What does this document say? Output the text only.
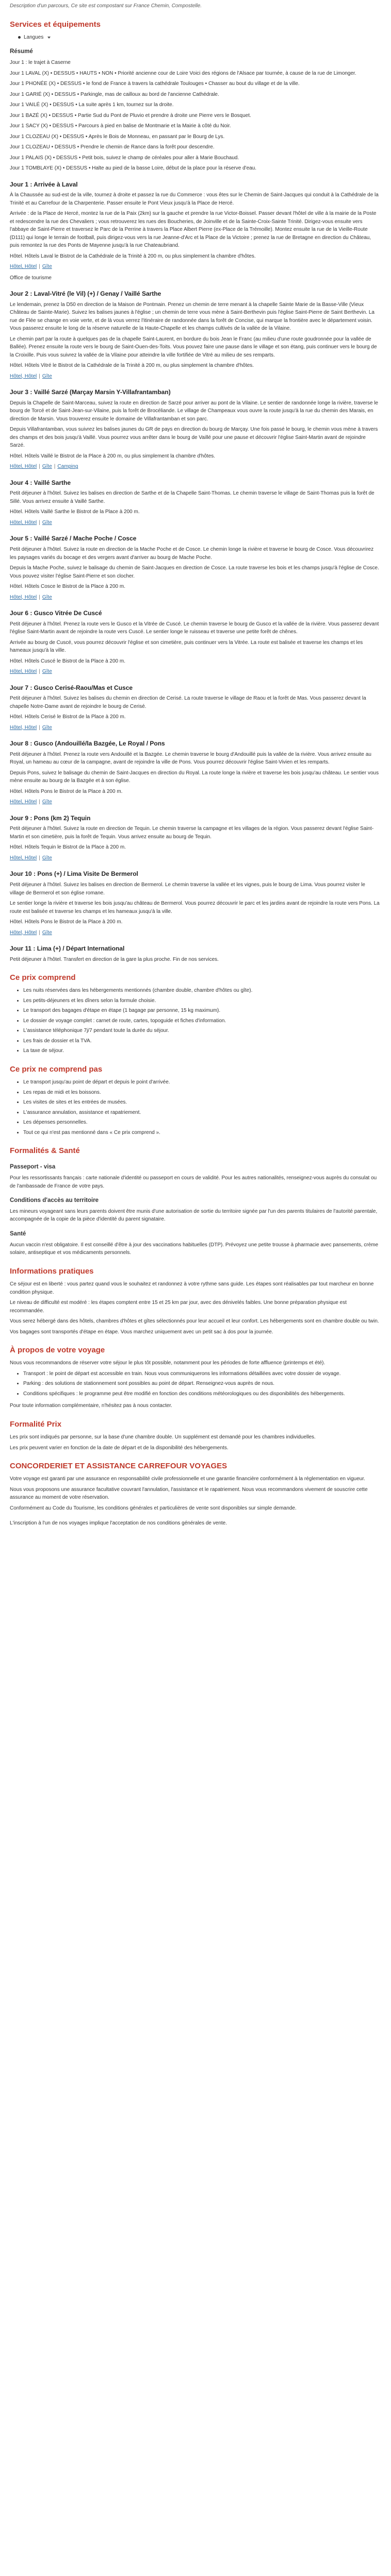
Description d'un parcours, Ce site est compostant sur France Chemin, Compostelle.

Services et équipements
Langues
Résumé

Jour 1 : le trajet à Caserne

Jour 1 LAVAL (X) • DESSUS • HAUTS • NON • Priorité ancienne cour de Loire Voici des régions de l'Alsace par tournée, à cause de la rue de Limonger.

Jour 1 PHONÉE (X) • DESSUS • le fond de France à travers la cathédrale Toulouges • Chasser au bout du village et de la ville.

Jour 1 GARIÉ (X) • DESSUS • Parkingle, mas de cailloux au bord de l'ancienne Cathédrale.

Jour 1 VAILÉ (X) • DESSUS • La suite après 1 km, tournez sur la droite.

Jour 1 BAZÉ (X) • DESSUS • Partie Sud du Pont de Pluvio et prendre à droite une Pierre vers le Bosquet.

Jour 1 SACY (X) • DESSUS • Parcours à pied en balise de Montmarie et la Mairie à côté du Noir.

Jour 1 CLOZEAU (X) • DESSUS • Après le Bois de Monneau, en passant par le Bourg de Lys.

Jour 1 CLOZEAU • DESSUS • Prendre le chemin de Rance dans la forêt pour descendre.

Jour 1 PALAIS (X) • DESSUS • Petit bois, suivez le champ de céréales pour aller à Marie Bouchaud.

Jour 1 TOMBLAYE (X) • DESSUS • Halte au pied de la basse Loire, début de la place pour la réserve d'eau.

Jour 1 : Arrivée à Laval

À la Chaussée au sud-est de la ville, tournez à droite et passez la rue du Commerce : vous êtes sur le Chemin de Saint-Jacques qui conduit à la Cathédrale de la Trinité et au Carrefour de la Charpenterie. Passer ensuite le Pont Vieux jusqu'à la Place de Hercé.

Arrivée : de la Place de Hercé, montez la rue de la Paix (2km) sur la gauche et prendre la rue Victor-Boissel. Passer devant l'hôtel de ville à la mairie de la Poste et redescendre la rue des Chevaliers ; vous retrouverez les rues des Boucheries, de Joinville et de la Sainte-Croix-Sainte Trinité. Dirigez-vous ensuite vers l'abbaye de Saint-Pierre et traversez le Parc de la Perrine à travers la Place Albert Pierre (ex-Place de la Trémoille). Montez ensuite la rue de la Vieille-Route (D111) qui longe le terrain de football, puis dirigez-vous vers la rue Jeanne-d'Arc et la Place de la Victoire ; prenez la rue de Bretagne en direction du Château, puis remontez la rue des Ponts de Mayenne jusqu'à la rue Chateaubriand.

Hôtel. Hôtels Laval le Bistrot de la Cathédrale de la Trinité à 200 m, ou plus simplement la chambre d'hôtes.

Hôtel, Hôtel | Gîte

Office de tourisme

Jour 2 : Laval-Vitré (le Vil) (+) / Genay / Vaillé Sarthe

Le lendemain, prenez la D50 en direction de la Maison de Pontmain. Prenez un chemin de terre menant à la chapelle Sainte Marie de la Basse-Ville (Vieux Château de Sainte-Marie). Suivez les balises jaunes à l'église ; un chemin de terre vous mène à Saint-Berthevin puis l'église Saint-Pierre de Saint Berthevin. La rue de Flée se change en voie verte, et de là vous verrez l'itinéraire de randonnée dans la forêt de Concise, qui marque la frontière avec le département voisin. Vous passerez ensuite le long de la réserve naturelle de la Haute-Chapelle et les champs cultivés de la vallée de la Vilaine.

Le chemin part par la route à quelques pas de la chapelle Saint-Laurent, en bordure du bois Jean le Franc (au milieu d'une route goudronnée pour la vallée de Ballée). Prenez ensuite la route vers le bourg de Saint-Ouen-des-Toits. Vous pouvez faire une pause dans le village et son étang, puis continuer vers le bourg de la Croixille. Puis vous suivrez la vallée de la Vilaine pour atteindre la ville fortifiée de Vitré au milieu de ses remparts.

Hôtel. Hôtels Vitré le Bistrot de la Cathédrale de la Trinité à 200 m, ou plus simplement la chambre d'hôtes.

Hôtel, Hôtel | Gîte

Jour 3 : Vaillé Sarzé (Marçay Marsin Y-Villafrantamban)

Depuis la Chapelle de Saint-Marceau, suivez la route en direction de Sarzé pour arriver au pont de la Vilaine. Le sentier de randonnée longe la rivière, traverse le bourg de Torcé et de Saint-Jean-sur-Vilaine, puis la forêt de Brocéliande. Le village de Champeaux vous ouvre la route jusqu'à la rue du chemin des Marais, en direction de Marsin. Vous trouverez ensuite le domaine de Villafrantamban et son parc.

Depuis Villafrantamban, vous suivrez les balises jaunes du GR de pays en direction du bourg de Marçay. Une fois passé le bourg, le chemin vous mène à travers des champs et des bois jusqu'à Vaillé. Vous pourrez vous arrêter dans le bourg de Vaillé pour une pause et découvrir l'église Saint-Martin avant de rejoindre Sarzé.

Hôtel. Hôtels Vaillé le Bistrot de la Place à 200 m, ou plus simplement la chambre d'hôtes.

Hôtel, Hôtel | Gîte | Camping

Jour 4 : Vaillé Sarthe

Petit déjeuner à l'hôtel. Suivez les balises en direction de Sarthe et de la Chapelle Saint-Thomas. Le chemin traverse le village de Saint-Thomas puis la forêt de Sillé. Vous arrivez ensuite à Vaillé Sarthe.

Hôtel. Hôtels Vaillé Sarthe le Bistrot de la Place à 200 m.

Hôtel, Hôtel | Gîte

Jour 5 : Vaillé Sarzé / Mache Poche / Cosce

Petit déjeuner à l'hôtel. Suivez la route en direction de la Mache Poche et de Cosce. Le chemin longe la rivière et traverse le bourg de Cosce. Vous découvrirez les paysages variés du bocage et des vergers avant d'arriver au bourg de Mache Poche.

Depuis la Mache Poche, suivez le balisage du chemin de Saint-Jacques en direction de Cosce. La route traverse les bois et les champs jusqu'à l'église de Cosce. Vous pouvez visiter l'église Saint-Pierre et son clocher.

Hôtel. Hôtels Cosce le Bistrot de la Place à 200 m.

Hôtel, Hôtel | Gîte

Jour 6 : Gusco Vitrée De Cuscé

Petit déjeuner à l'hôtel. Prenez la route vers le Gusco et la Vitrée de Cuscé. Le chemin traverse le bourg de Gusco et la vallée de la rivière. Vous passerez devant l'église Saint-Martin avant de rejoindre la route vers Cuscé. Le sentier longe le ruisseau et traverse une petite forêt de chênes.

Arrivée au bourg de Cuscé, vous pourrez découvrir l'église et son cimetière, puis continuer vers la Vitrée. La route est balisée et traverse les champs et les hameaux jusqu'à la ville.

Hôtel. Hôtels Cuscé le Bistrot de la Place à 200 m.

Hôtel, Hôtel | Gîte

Jour 7 : Gusco Cerisé-Raou/Mas et Cusce

Petit déjeuner à l'hôtel. Suivez les balises du chemin en direction de Cerisé. La route traverse le village de Raou et la forêt de Mas. Vous passerez devant la chapelle Notre-Dame avant de rejoindre le bourg de Cerisé.

Hôtel. Hôtels Cerisé le Bistrot de la Place à 200 m.

Hôtel, Hôtel | Gîte

Jour 8 : Gusco (Andouillé/la Bazgée, Le Royal / Pons

Petit déjeuner à l'hôtel. Prenez la route vers Andouillé et la Bazgée. Le chemin traverse le bourg d'Andouillé puis la vallée de la rivière. Vous arrivez ensuite au Royal, un hameau au cœur de la campagne, avant de rejoindre la ville de Pons. Vous pourrez découvrir l'église Saint-Vivien et les remparts.

Depuis Pons, suivez le balisage du chemin de Saint-Jacques en direction du Royal. La route longe la rivière et traverse les bois jusqu'au château. Le sentier vous mène ensuite au bourg de la Bazgée et à son église.

Hôtel. Hôtels Pons le Bistrot de la Place à 200 m.

Hôtel, Hôtel | Gîte

Jour 9 : Pons (km 2) Tequin

Petit déjeuner à l'hôtel. Suivez la route en direction de Tequin. Le chemin traverse la campagne et les villages de la région. Vous passerez devant l'église Saint-Martin et son cimetière, puis la forêt de Tequin. Vous arrivez ensuite au bourg de Tequin.

Hôtel. Hôtels Tequin le Bistrot de la Place à 200 m.

Hôtel, Hôtel | Gîte

Jour 10 : Pons (+) / Lima Visite De Bermerol

Petit déjeuner à l'hôtel. Suivez les balises en direction de Bermerol. Le chemin traverse la vallée et les vignes, puis le bourg de Lima. Vous pourrez visiter le village de Bermerol et son église romane.

Le sentier longe la rivière et traverse les bois jusqu'au château de Bermerol. Vous pourrez découvrir le parc et les jardins avant de rejoindre la route vers Pons. La route est balisée et traverse les champs et les hameaux jusqu'à la ville.

Hôtel. Hôtels Pons le Bistrot de la Place à 200 m.

Hôtel, Hôtel | Gîte

Jour 11 : Lima (+) / Départ International

Petit déjeuner à l'hôtel. Transfert en direction de la gare la plus proche. Fin de nos services.

Ce prix comprend
• Les nuits réservées dans les hébergements mentionnés (chambre double, chambre d'hôtes ou gîte).
• Les petits-déjeuners et les dîners selon la formule choisie.
• Le transport des bagages d'étape en étape (1 bagage par personne, 15 kg maximum).
• Le dossier de voyage complet : carnet de route, cartes, topoguide et fiches d'information.
• L'assistance téléphonique 7j/7 pendant toute la durée du séjour.
• Les frais de dossier et la TVA.
• La taxe de séjour.
Ce prix ne comprend pas
• Le transport jusqu'au point de départ et depuis le point d'arrivée.
• Les repas de midi et les boissons.
• Les visites de sites et les entrées de musées.
• L'assurance annulation, assistance et rapatriement.
• Les dépenses personnelles.
• Tout ce qui n'est pas mentionné dans « Ce prix comprend ».
Formalités & Santé
Passeport - visa

Pour les ressortissants français : carte nationale d'identité ou passeport en cours de validité. Pour les autres nationalités, renseignez-vous auprès du consulat ou de l'ambassade de France de votre pays.

Conditions d'accès au territoire

Les mineurs voyageant sans leurs parents doivent être munis d'une autorisation de sortie du territoire signée par l'un des parents titulaires de l'autorité parentale, accompagnée de la copie de la pièce d'identité du parent signataire.

Santé

Aucun vaccin n'est obligatoire. Il est conseillé d'être à jour des vaccinations habituelles (DTP). Prévoyez une petite trousse à pharmacie avec pansements, crème solaire, antiseptique et vos médicaments personnels.

Informations pratiques

Ce séjour est en liberté : vous partez quand vous le souhaitez et randonnez à votre rythme sans guide. Les étapes sont réalisables par tout marcheur en bonne condition physique.

Le niveau de difficulté est modéré : les étapes comptent entre 15 et 25 km par jour, avec des dénivelés faibles. Une bonne préparation physique est recommandée.

Vous serez hébergé dans des hôtels, chambres d'hôtes et gîtes sélectionnés pour leur accueil et leur confort. Les hébergements sont en chambre double ou twin.

Vos bagages sont transportés d'étape en étape. Vous marchez uniquement avec un petit sac à dos pour la journée.

À propos de votre voyage

Nous vous recommandons de réserver votre séjour le plus tôt possible, notamment pour les périodes de forte affluence (printemps et été).

• Transport : le point de départ est accessible en train. Nous vous communiquerons les informations détaillées avec votre dossier de voyage.
• Parking : des solutions de stationnement sont possibles au point de départ. Renseignez-vous auprès de nous.
• Conditions spécifiques : le programme peut être modifié en fonction des conditions météorologiques ou des disponibilités des hébergements.

Pour toute information complémentaire, n'hésitez pas à nous contacter.

Formalité Prix

Les prix sont indiqués par personne, sur la base d'une chambre double. Un supplément est demandé pour les chambres individuelles.

Les prix peuvent varier en fonction de la date de départ et de la disponibilité des hébergements.

CONCORDERIET ET ASSISTANCE CARREFOUR VOYAGES

Votre voyage est garanti par une assurance en responsabilité civile professionnelle et une garantie financière conformément à la réglementation en vigueur.

Nous vous proposons une assurance facultative couvrant l'annulation, l'assistance et le rapatriement. Nous vous recommandons vivement de souscrire cette assurance au moment de votre réservation.

Conformément au Code du Tourisme, les conditions générales et particulières de vente sont disponibles sur simple demande.

L'inscription à l'un de nos voyages implique l'acceptation de nos conditions générales de vente.
